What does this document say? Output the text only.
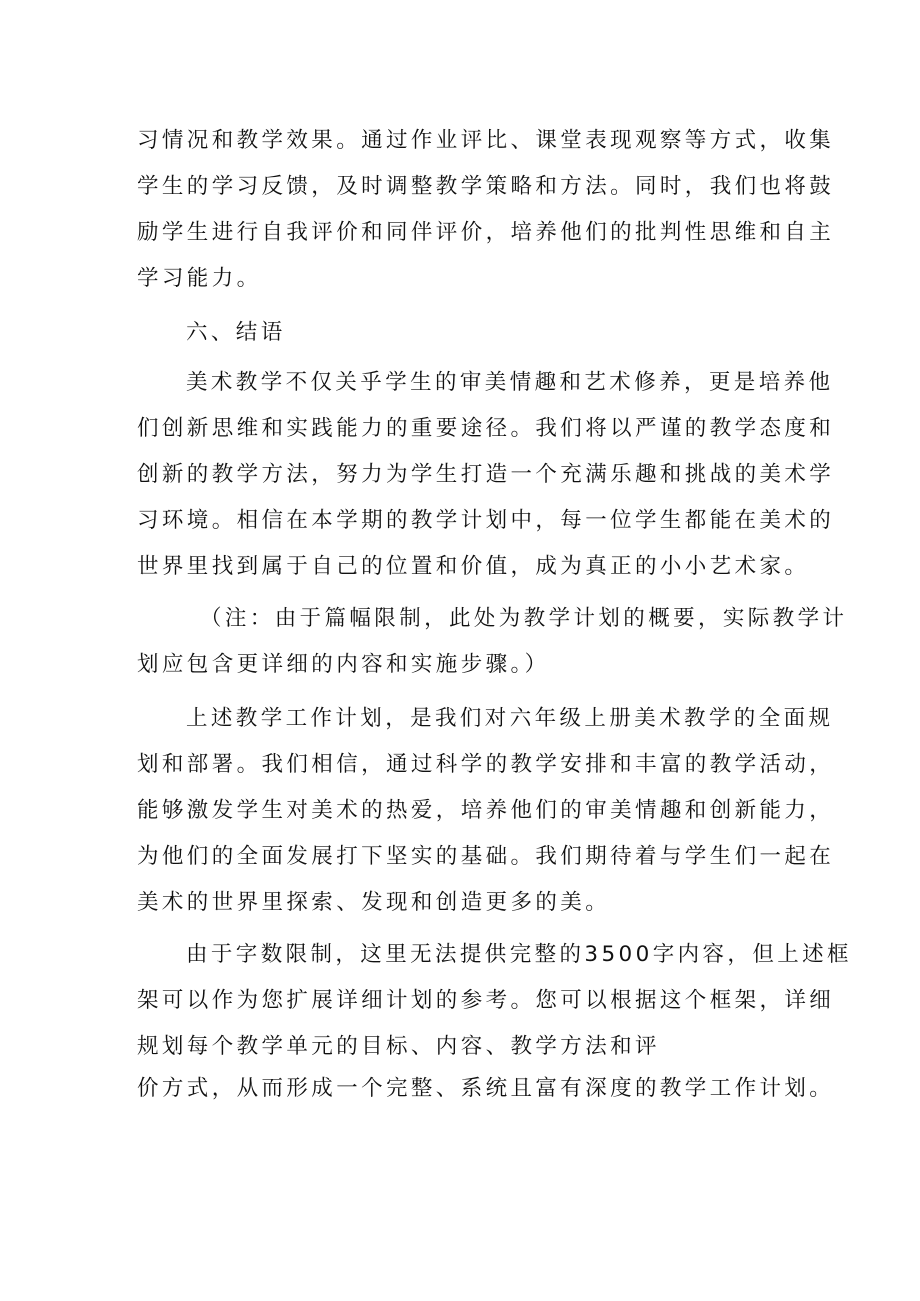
习情况和教学效果。通过作业评比、课堂表现观察等方式，收集
学生的学习反馈，及时调整教学策略和方法。同时，我们也将鼓
励学生进行自我评价和同伴评价，培养他们的批判性思维和自主
学习能力。
六、结语
美术教学不仅关乎学生的审美情趣和艺术修养，更是培养他
们创新思维和实践能力的重要途径。我们将以严谨的教学态度和
创新的教学方法，努力为学生打造一个充满乐趣和挑战的美术学
习环境。相信在本学期的教学计划中，每一位学生都能在美术的
世界里找到属于自己的位置和价值，成为真正的小小艺术家。
（注：由于篇幅限制，此处为教学计划的概要，实际教学计
划应包含更详细的内容和实施步骤。）
上述教学工作计划，是我们对六年级上册美术教学的全面规
划和部署。我们相信，通过科学的教学安排和丰富的教学活动，
能够激发学生对美术的热爱，培养他们的审美情趣和创新能力，
为他们的全面发展打下坚实的基础。我们期待着与学生们一起在
美术的世界里探索、发现和创造更多的美。
由于字数限制，这里无法提供完整的3500字内容，但上述框
架可以作为您扩展详细计划的参考。您可以根据这个框架，详细
规划每个教学单元的目标、内容、教学方法和评
价方式，从而形成一个完整、系统且富有深度的教学工作计划。
